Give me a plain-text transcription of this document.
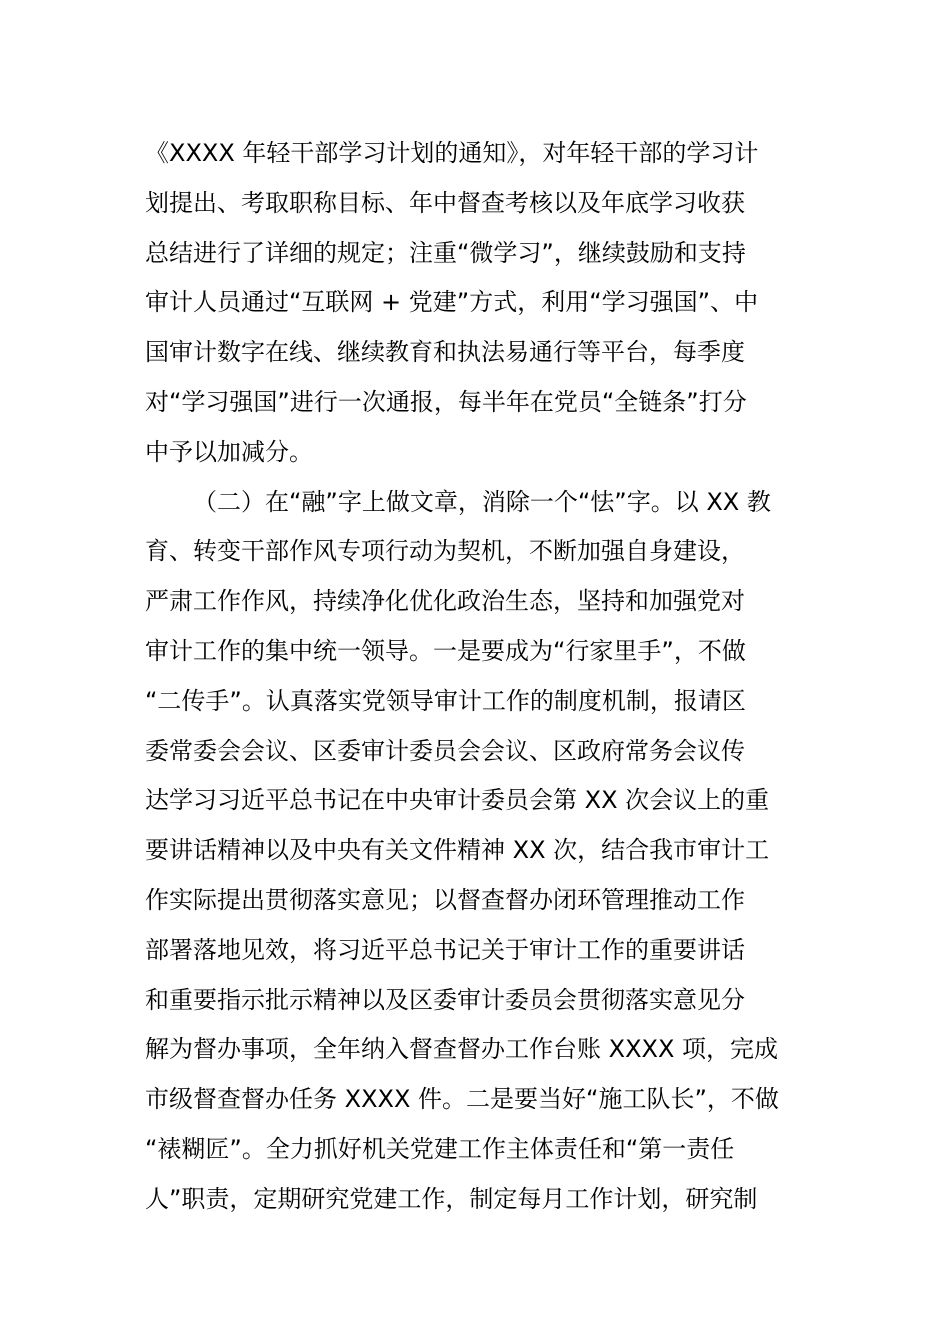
《XXXX 年轻干部学习计划的通知》，对年轻干部的学习计
划提出、考取职称目标、年中督查考核以及年底学习收获
总结进行了详细的规定；注重“微学习”，继续鼓励和支持
审计人员通过“互联网 + 党建”方式，利用“学习强国”、中
国审计数字在线、继续教育和执法易通行等平台，每季度
对“学习强国”进行一次通报，每半年在党员“全链条”打分
中予以加减分。
（二）在“融”字上做文章，消除一个“怯”字。以 XX 教
育、转变干部作风专项行动为契机，不断加强自身建设，
严肃工作作风，持续净化优化政治生态，坚持和加强党对
审计工作的集中统一领导。一是要成为“行家里手”，不做
“二传手”。认真落实党领导审计工作的制度机制，报请区
委常委会会议、区委审计委员会会议、区政府常务会议传
达学习习近平总书记在中央审计委员会第 XX 次会议上的重
要讲话精神以及中央有关文件精神 XX 次，结合我市审计工
作实际提出贯彻落实意见；以督查督办闭环管理推动工作
部署落地见效，将习近平总书记关于审计工作的重要讲话
和重要指示批示精神以及区委审计委员会贯彻落实意见分
解为督办事项，全年纳入督查督办工作台账 XXXX 项，完成
市级督查督办任务 XXXX 件。二是要当好“施工队长”，不做
“裱糊匠”。全力抓好机关党建工作主体责任和“第一责任
人”职责，定期研究党建工作，制定每月工作计划，研究制
